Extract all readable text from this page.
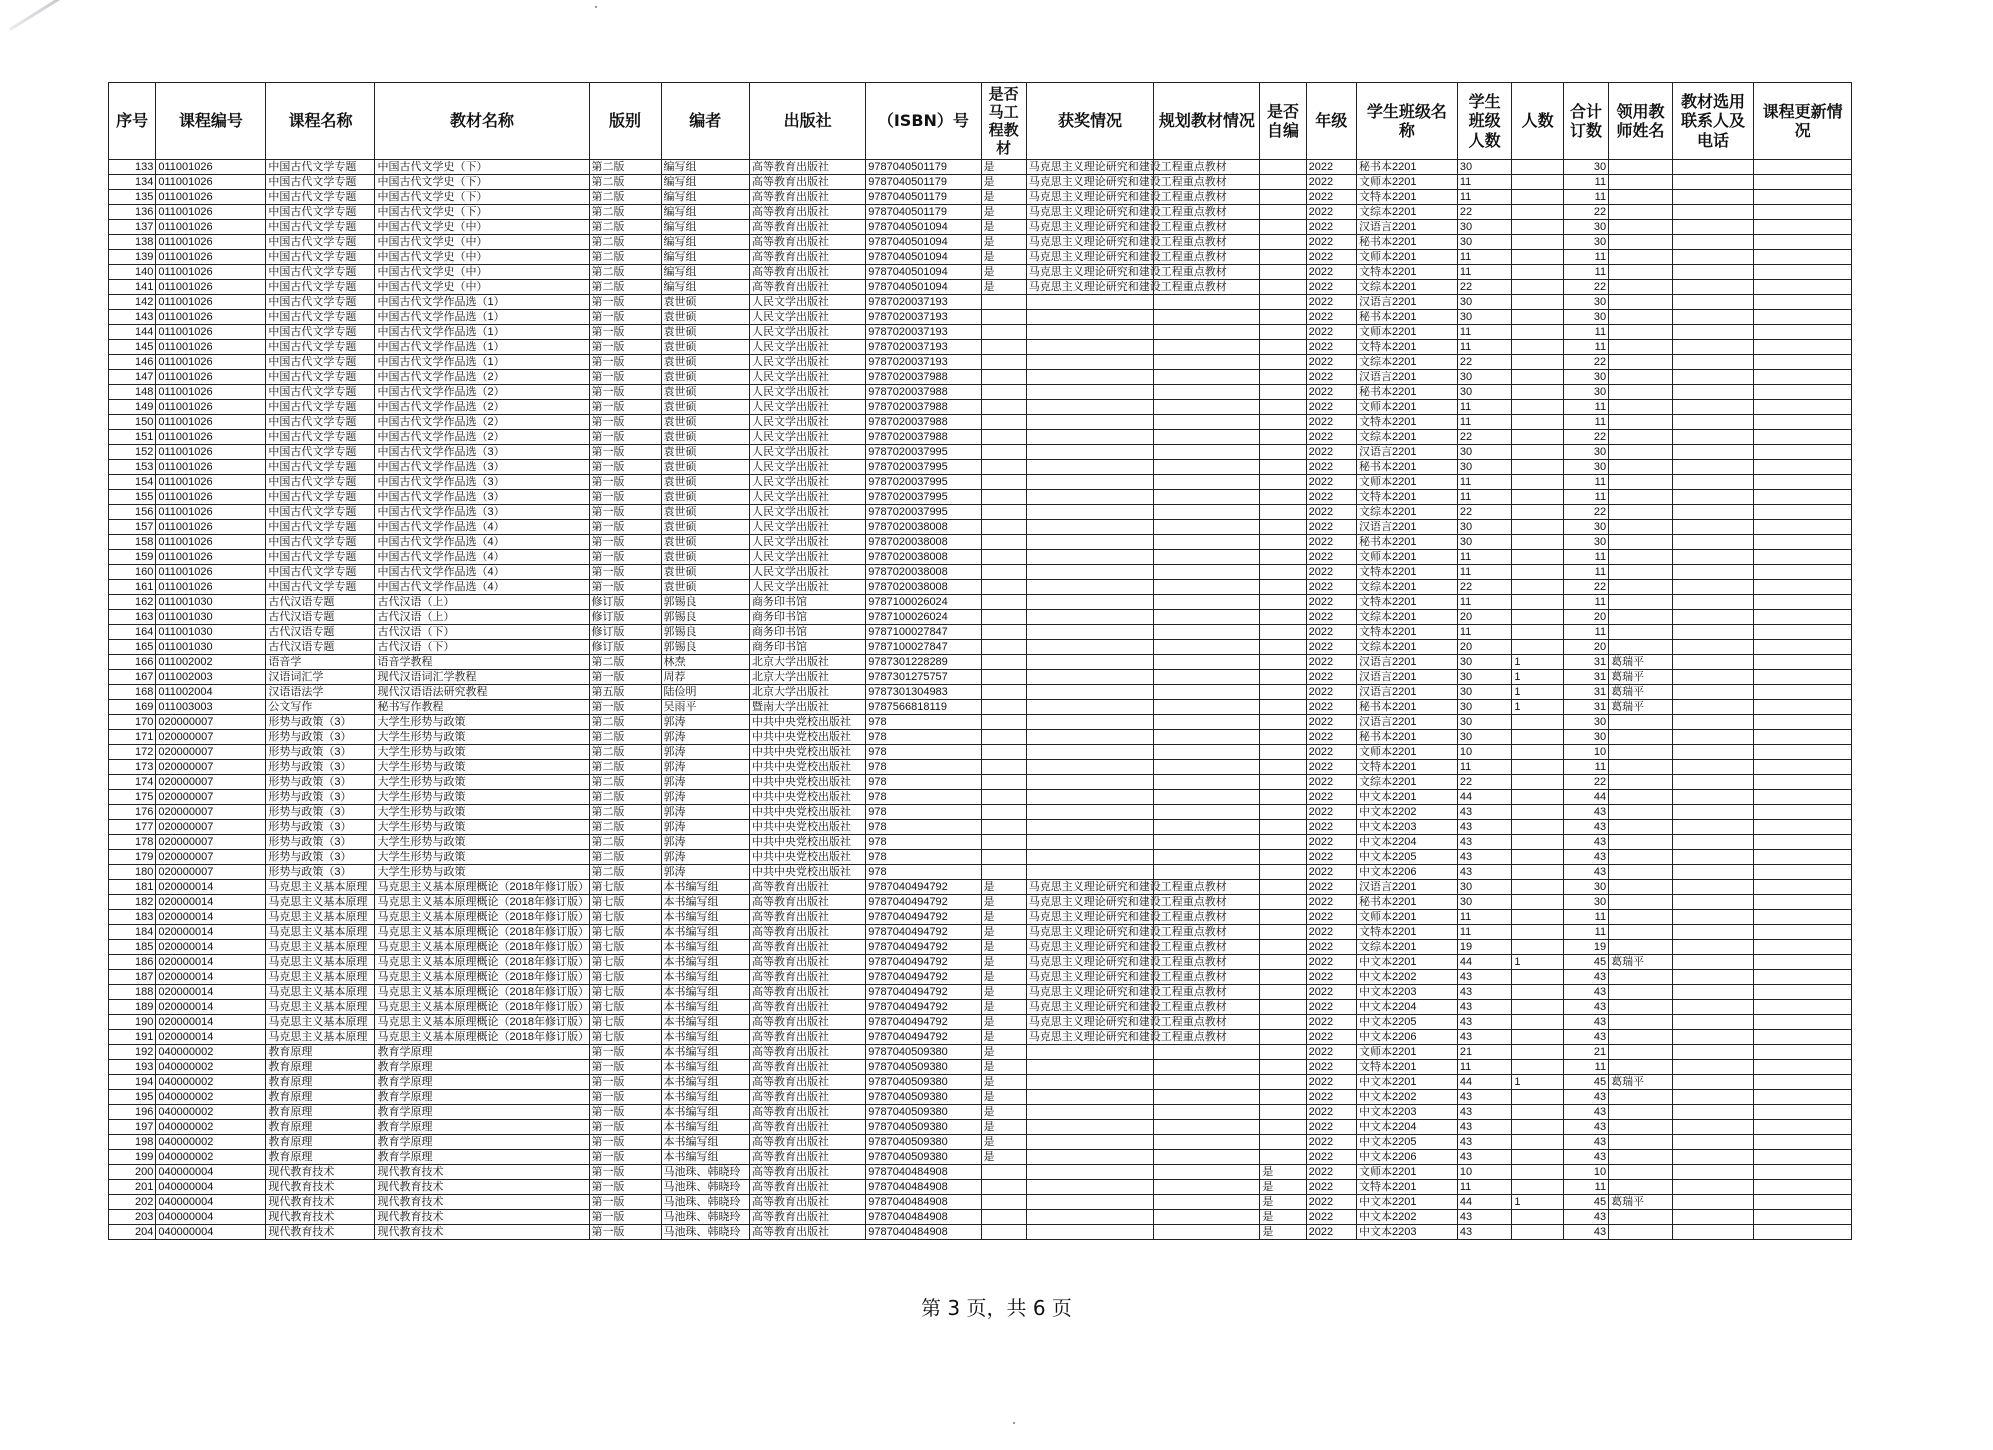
序号	课程编号	课程名称	教材名称	版别	编者	出版社	（ISBN）号	是否马工程教材	获奖情况	规划教材情况	是否自编	年级	学生班级名称	学生班级人数	人数	合计订数	领用教师姓名	教材选用联系人及电话	课程更新情况
133	011001026	中国古代文学专题	中国古代文学史（下）	第二版	编写组	高等教育出版社	9787040501179	是	马克思主义理论研究和建设工程重点教材			2022	秘书本2201	30		30			
134	011001026	中国古代文学专题	中国古代文学史（下）	第二版	编写组	高等教育出版社	9787040501179	是	马克思主义理论研究和建设工程重点教材			2022	文师本2201	11		11			
135	011001026	中国古代文学专题	中国古代文学史（下）	第二版	编写组	高等教育出版社	9787040501179	是	马克思主义理论研究和建设工程重点教材			2022	文特本2201	11		11			
136	011001026	中国古代文学专题	中国古代文学史（下）	第二版	编写组	高等教育出版社	9787040501179	是	马克思主义理论研究和建设工程重点教材			2022	文综本2201	22		22			
137	011001026	中国古代文学专题	中国古代文学史（中）	第二版	编写组	高等教育出版社	9787040501094	是	马克思主义理论研究和建设工程重点教材			2022	汉语言2201	30		30			
138	011001026	中国古代文学专题	中国古代文学史（中）	第二版	编写组	高等教育出版社	9787040501094	是	马克思主义理论研究和建设工程重点教材			2022	秘书本2201	30		30			
139	011001026	中国古代文学专题	中国古代文学史（中）	第二版	编写组	高等教育出版社	9787040501094	是	马克思主义理论研究和建设工程重点教材			2022	文师本2201	11		11			
140	011001026	中国古代文学专题	中国古代文学史（中）	第二版	编写组	高等教育出版社	9787040501094	是	马克思主义理论研究和建设工程重点教材			2022	文特本2201	11		11			
141	011001026	中国古代文学专题	中国古代文学史（中）	第二版	编写组	高等教育出版社	9787040501094	是	马克思主义理论研究和建设工程重点教材			2022	文综本2201	22		22			
142	011001026	中国古代文学专题	中国古代文学作品选（1）	第一版	袁世硕	人民文学出版社	9787020037193					2022	汉语言2201	30		30			
143	011001026	中国古代文学专题	中国古代文学作品选（1）	第一版	袁世硕	人民文学出版社	9787020037193					2022	秘书本2201	30		30			
144	011001026	中国古代文学专题	中国古代文学作品选（1）	第一版	袁世硕	人民文学出版社	9787020037193					2022	文师本2201	11		11			
145	011001026	中国古代文学专题	中国古代文学作品选（1）	第一版	袁世硕	人民文学出版社	9787020037193					2022	文特本2201	11		11			
146	011001026	中国古代文学专题	中国古代文学作品选（1）	第一版	袁世硕	人民文学出版社	9787020037193					2022	文综本2201	22		22			
147	011001026	中国古代文学专题	中国古代文学作品选（2）	第一版	袁世硕	人民文学出版社	9787020037988					2022	汉语言2201	30		30			
148	011001026	中国古代文学专题	中国古代文学作品选（2）	第一版	袁世硕	人民文学出版社	9787020037988					2022	秘书本2201	30		30			
149	011001026	中国古代文学专题	中国古代文学作品选（2）	第一版	袁世硕	人民文学出版社	9787020037988					2022	文师本2201	11		11			
150	011001026	中国古代文学专题	中国古代文学作品选（2）	第一版	袁世硕	人民文学出版社	9787020037988					2022	文特本2201	11		11			
151	011001026	中国古代文学专题	中国古代文学作品选（2）	第一版	袁世硕	人民文学出版社	9787020037988					2022	文综本2201	22		22			
152	011001026	中国古代文学专题	中国古代文学作品选（3）	第一版	袁世硕	人民文学出版社	9787020037995					2022	汉语言2201	30		30			
153	011001026	中国古代文学专题	中国古代文学作品选（3）	第一版	袁世硕	人民文学出版社	9787020037995					2022	秘书本2201	30		30			
154	011001026	中国古代文学专题	中国古代文学作品选（3）	第一版	袁世硕	人民文学出版社	9787020037995					2022	文师本2201	11		11			
155	011001026	中国古代文学专题	中国古代文学作品选（3）	第一版	袁世硕	人民文学出版社	9787020037995					2022	文特本2201	11		11			
156	011001026	中国古代文学专题	中国古代文学作品选（3）	第一版	袁世硕	人民文学出版社	9787020037995					2022	文综本2201	22		22			
157	011001026	中国古代文学专题	中国古代文学作品选（4）	第一版	袁世硕	人民文学出版社	9787020038008					2022	汉语言2201	30		30			
158	011001026	中国古代文学专题	中国古代文学作品选（4）	第一版	袁世硕	人民文学出版社	9787020038008					2022	秘书本2201	30		30			
159	011001026	中国古代文学专题	中国古代文学作品选（4）	第一版	袁世硕	人民文学出版社	9787020038008					2022	文师本2201	11		11			
160	011001026	中国古代文学专题	中国古代文学作品选（4）	第一版	袁世硕	人民文学出版社	9787020038008					2022	文特本2201	11		11			
161	011001026	中国古代文学专题	中国古代文学作品选（4）	第一版	袁世硕	人民文学出版社	9787020038008					2022	文综本2201	22		22			
162	011001030	古代汉语专题	古代汉语（上）	修订版	郭锡良	商务印书馆	9787100026024					2022	文特本2201	11		11			
163	011001030	古代汉语专题	古代汉语（上）	修订版	郭锡良	商务印书馆	9787100026024					2022	文综本2201	20		20			
164	011001030	古代汉语专题	古代汉语（下）	修订版	郭锡良	商务印书馆	9787100027847					2022	文特本2201	11		11			
165	011001030	古代汉语专题	古代汉语（下）	修订版	郭锡良	商务印书馆	9787100027847					2022	文综本2201	20		20			
166	011002002	语音学	语音学教程	第二版	林焘	北京大学出版社	9787301228289					2022	汉语言2201	30	1	31	葛瑞平		
167	011002003	汉语词汇学	现代汉语词汇学教程	第一版	周荐	北京大学出版社	9787301275757					2022	汉语言2201	30	1	31	葛瑞平		
168	011002004	汉语语法学	现代汉语语法研究教程	第五版	陆俭明	北京大学出版社	9787301304983					2022	汉语言2201	30	1	31	葛瑞平		
169	011003003	公文写作	秘书写作教程	第一版	吴雨平	暨南大学出版社	9787566818119					2022	秘书本2201	30	1	31	葛瑞平		
170	020000007	形势与政策（3）	大学生形势与政策	第二版	郭涛	中共中央党校出版社	978					2022	汉语言2201	30		30			
171	020000007	形势与政策（3）	大学生形势与政策	第二版	郭涛	中共中央党校出版社	978					2022	秘书本2201	30		30			
172	020000007	形势与政策（3）	大学生形势与政策	第二版	郭涛	中共中央党校出版社	978					2022	文师本2201	10		10			
173	020000007	形势与政策（3）	大学生形势与政策	第二版	郭涛	中共中央党校出版社	978					2022	文特本2201	11		11			
174	020000007	形势与政策（3）	大学生形势与政策	第二版	郭涛	中共中央党校出版社	978					2022	文综本2201	22		22			
175	020000007	形势与政策（3）	大学生形势与政策	第二版	郭涛	中共中央党校出版社	978					2022	中文本2201	44		44			
176	020000007	形势与政策（3）	大学生形势与政策	第二版	郭涛	中共中央党校出版社	978					2022	中文本2202	43		43			
177	020000007	形势与政策（3）	大学生形势与政策	第二版	郭涛	中共中央党校出版社	978					2022	中文本2203	43		43			
178	020000007	形势与政策（3）	大学生形势与政策	第二版	郭涛	中共中央党校出版社	978					2022	中文本2204	43		43			
179	020000007	形势与政策（3）	大学生形势与政策	第二版	郭涛	中共中央党校出版社	978					2022	中文本2205	43		43			
180	020000007	形势与政策（3）	大学生形势与政策	第二版	郭涛	中共中央党校出版社	978					2022	中文本2206	43		43			
181	020000014	马克思主义基本原理	马克思主义基本原理概论（2018年修订版）	第七版	本书编写组	高等教育出版社	9787040494792	是	马克思主义理论研究和建设工程重点教材			2022	汉语言2201	30		30			
182	020000014	马克思主义基本原理	马克思主义基本原理概论（2018年修订版）	第七版	本书编写组	高等教育出版社	9787040494792	是	马克思主义理论研究和建设工程重点教材			2022	秘书本2201	30		30			
183	020000014	马克思主义基本原理	马克思主义基本原理概论（2018年修订版）	第七版	本书编写组	高等教育出版社	9787040494792	是	马克思主义理论研究和建设工程重点教材			2022	文师本2201	11		11			
184	020000014	马克思主义基本原理	马克思主义基本原理概论（2018年修订版）	第七版	本书编写组	高等教育出版社	9787040494792	是	马克思主义理论研究和建设工程重点教材			2022	文特本2201	11		11			
185	020000014	马克思主义基本原理	马克思主义基本原理概论（2018年修订版）	第七版	本书编写组	高等教育出版社	9787040494792	是	马克思主义理论研究和建设工程重点教材			2022	文综本2201	19		19			
186	020000014	马克思主义基本原理	马克思主义基本原理概论（2018年修订版）	第七版	本书编写组	高等教育出版社	9787040494792	是	马克思主义理论研究和建设工程重点教材			2022	中文本2201	44	1	45	葛瑞平		
187	020000014	马克思主义基本原理	马克思主义基本原理概论（2018年修订版）	第七版	本书编写组	高等教育出版社	9787040494792	是	马克思主义理论研究和建设工程重点教材			2022	中文本2202	43		43			
188	020000014	马克思主义基本原理	马克思主义基本原理概论（2018年修订版）	第七版	本书编写组	高等教育出版社	9787040494792	是	马克思主义理论研究和建设工程重点教材			2022	中文本2203	43		43			
189	020000014	马克思主义基本原理	马克思主义基本原理概论（2018年修订版）	第七版	本书编写组	高等教育出版社	9787040494792	是	马克思主义理论研究和建设工程重点教材			2022	中文本2204	43		43			
190	020000014	马克思主义基本原理	马克思主义基本原理概论（2018年修订版）	第七版	本书编写组	高等教育出版社	9787040494792	是	马克思主义理论研究和建设工程重点教材			2022	中文本2205	43		43			
191	020000014	马克思主义基本原理	马克思主义基本原理概论（2018年修订版）	第七版	本书编写组	高等教育出版社	9787040494792	是	马克思主义理论研究和建设工程重点教材			2022	中文本2206	43		43			
192	040000002	教育原理	教育学原理	第一版	本书编写组	高等教育出版社	9787040509380	是				2022	文师本2201	21		21			
193	040000002	教育原理	教育学原理	第一版	本书编写组	高等教育出版社	9787040509380	是				2022	文特本2201	11		11			
194	040000002	教育原理	教育学原理	第一版	本书编写组	高等教育出版社	9787040509380	是				2022	中文本2201	44	1	45	葛瑞平		
195	040000002	教育原理	教育学原理	第一版	本书编写组	高等教育出版社	9787040509380	是				2022	中文本2202	43		43			
196	040000002	教育原理	教育学原理	第一版	本书编写组	高等教育出版社	9787040509380	是				2022	中文本2203	43		43			
197	040000002	教育原理	教育学原理	第一版	本书编写组	高等教育出版社	9787040509380	是				2022	中文本2204	43		43			
198	040000002	教育原理	教育学原理	第一版	本书编写组	高等教育出版社	9787040509380	是				2022	中文本2205	43		43			
199	040000002	教育原理	教育学原理	第一版	本书编写组	高等教育出版社	9787040509380	是				2022	中文本2206	43		43			
200	040000004	现代教育技术	现代教育技术	第一版	马池珠、韩晓玲	高等教育出版社	9787040484908				是	2022	文师本2201	10		10			
201	040000004	现代教育技术	现代教育技术	第一版	马池珠、韩晓玲	高等教育出版社	9787040484908				是	2022	文特本2201	11		11			
202	040000004	现代教育技术	现代教育技术	第一版	马池珠、韩晓玲	高等教育出版社	9787040484908				是	2022	中文本2201	44	1	45	葛瑞平		
203	040000004	现代教育技术	现代教育技术	第一版	马池珠、韩晓玲	高等教育出版社	9787040484908				是	2022	中文本2202	43		43			
204	040000004	现代教育技术	现代教育技术	第一版	马池珠、韩晓玲	高等教育出版社	9787040484908				是	2022	中文本2203	43		43			
第 3 页，共 6 页
